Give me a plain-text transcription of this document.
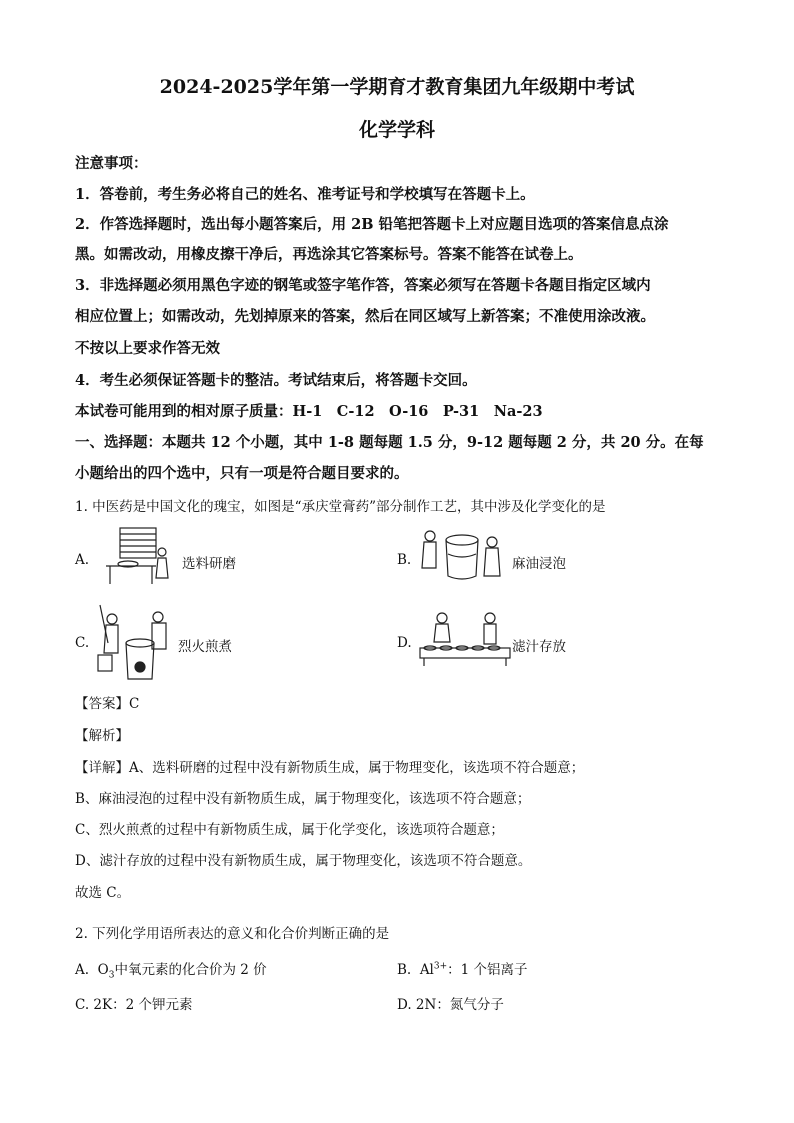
2024-2025学年第一学期育才教育集团九年级期中考试
化学学科
注意事项：
1．答卷前，考生务必将自己的姓名、准考证号和学校填写在答题卡上。
2．作答选择题时，选出每小题答案后，用 2B 铅笔把答题卡上对应题目选项的答案信息点涂
黑。如需改动，用橡皮擦干净后，再选涂其它答案标号。答案不能答在试卷上。
3．非选择题必须用黑色字迹的钢笔或签字笔作答，答案必须写在答题卡各题目指定区域内
相应位置上；如需改动，先划掉原来的答案，然后在同区域写上新答案；不准使用涂改液。
不按以上要求作答无效
4．考生必须保证答题卡的整洁。考试结束后，将答题卡交回。
本试卷可能用到的相对原子质量：H-1　C-12　O-16　P-31　Na-23
一、选择题：本题共 12 个小题，其中 1-8 题每题 1.5 分，9-12 题每题 2 分，共 20 分。在每
小题给出的四个选中，只有一项是符合题目要求的。
1. 中医药是中国文化的瑰宝，如图是“承庆堂膏药”部分制作工艺，其中涉及化学变化的是
A.	选料研磨	B.	麻油浸泡
C.	烈火煎煮	D.	滤汁存放
【答案】C
【解析】
【详解】A、选料研磨的过程中没有新物质生成，属于物理变化，该选项不符合题意；
B、麻油浸泡的过程中没有新物质生成，属于物理变化，该选项不符合题意；
C、烈火煎煮的过程中有新物质生成，属于化学变化，该选项符合题意；
D、滤汁存放的过程中没有新物质生成，属于物理变化，该选项不符合题意。
故选 C。
2. 下列化学用语所表达的意义和化合价判断正确的是
A. $O_3$中氧元素的化合价为 2 价	B. $Al^{3+}$：1 个铝离子
C. 2K：2 个钾元素	D. 2N：氮气分子
